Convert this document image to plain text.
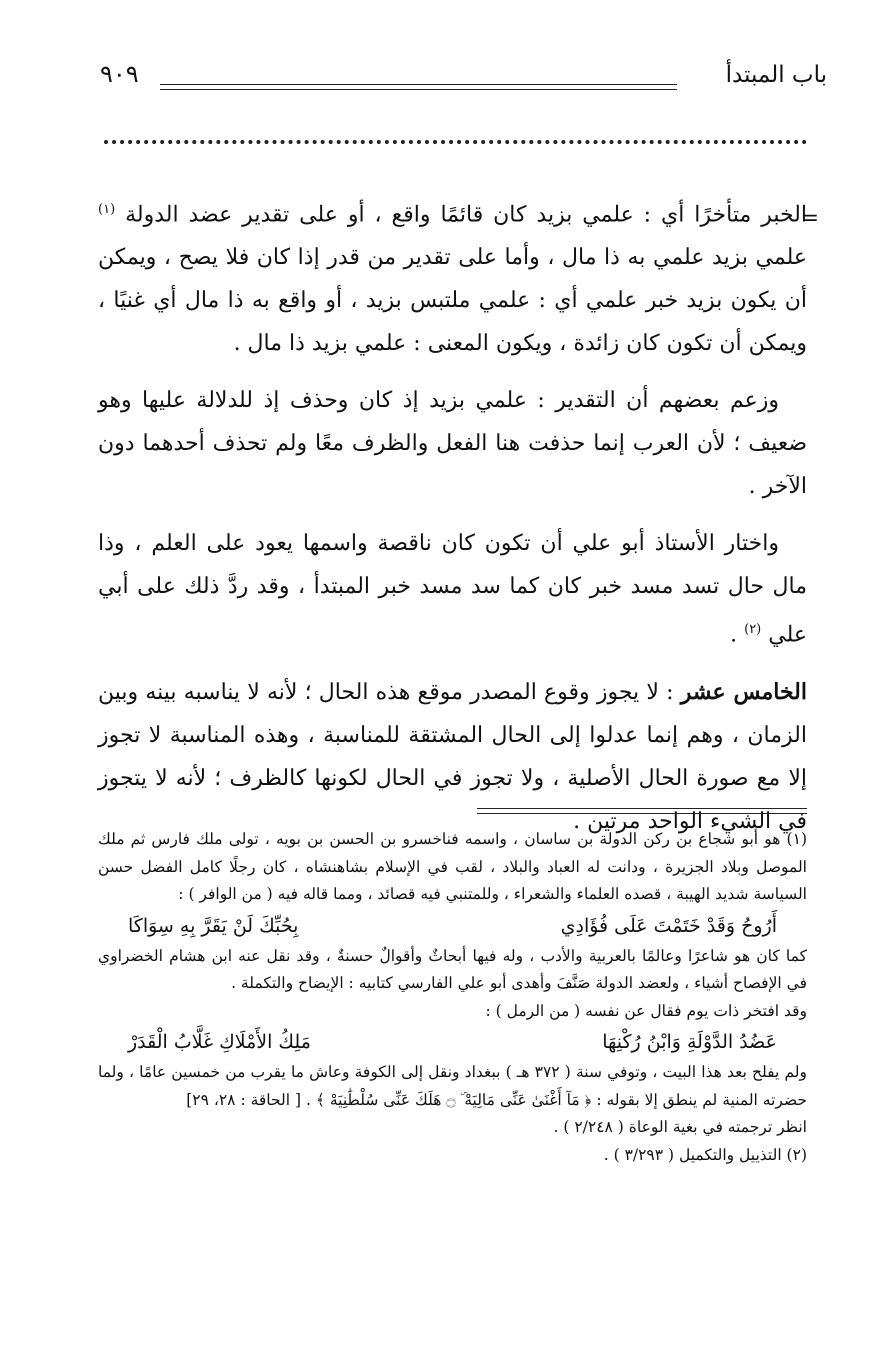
باب المبتدأ
٩٠٩
=

الخبر متأخرًا أي : علمي بزيد كان قائمًا واقع ، أو على تقدير عضد الدولة $^{(١)}$ علمي بزيد علمي به ذا مال ، وأما على تقدير من قدر إذا كان فلا يصح ، ويمكن أن يكون بزيد خبر علمي أي : علمي ملتبس بزيد ، أو واقع به ذا مال أي غنيًا ، ويمكن أن تكون كان زائدة ، ويكون المعنى : علمي بزيد ذا مال .

وزعم بعضهم أن التقدير : علمي بزيد إذ كان وحذف إذ للدلالة عليها وهو ضعيف ؛ لأن العرب إنما حذفت هنا الفعل والظرف معًا ولم تحذف أحدهما دون الآخر .

واختار الأستاذ أبو علي أن تكون كان ناقصة واسمها يعود على العلم ، وذا مال حال تسد مسد خبر كان كما سد مسد خبر المبتدأ ، وقد ردَّ ذلك على أبي علي $^{(٢)}$ .

الخامس عشر : لا يجوز وقوع المصدر موقع هذه الحال ؛ لأنه لا يناسبه بينه وبين الزمان ، وهم إنما عدلوا إلى الحال المشتقة للمناسبة ، وهذه المناسبة لا تجوز إلا مع صورة الحال الأصلية ، ولا تجوز في الحال لكونها كالظرف ؛ لأنه لا يتجوز في الشيء الواحد مرتين .

(١) هو أبو شجاع بن ركن الدولة بن ساسان ، واسمه فناخسرو بن الحسن بن بويه ، تولى ملك فارس ثم ملك الموصل وبلاد الجزيرة ، ودانت له العباد والبلاد ، لقب في الإسلام بشاهنشاه ، كان رجلًا كامل الفضل حسن السياسة شديد الهيبة ، قصده العلماء والشعراء ، وللمتنبي فيه قصائد ، ومما قاله فيه ( من الوافر ) :

أَرُوحُ وَقَدْ خَتَمْتَ عَلَى فُؤَادِي
بِحُبِّكَ لَنْ يَقَرَّ بِهِ سِوَاكَا

كما كان هو شاعرًا وعالمًا بالعربية والأدب ، وله فيها أبحاثٌ وأقوالٌ حسنةٌ ، وقد نقل عنه ابن هشام الخضراوي في الإفصاح أشياء ، ولعضد الدولة صَنَّفَ وأهدى أبو علي الفارسي كتابيه : الإيضاح والتكملة .

وقد افتخر ذات يوم فقال عن نفسه ( من الرمل ) :

عَضُدُ الدَّوْلَةِ وَابْنُ رُكْنِهَا
مَلِكُ الأَمْلَاكِ غَلَّابُ الْقَدَرْ

ولم يفلح بعد هذا البيت ، وتوفي سنة ( ٣٧٢ هـ ) ببغداد ونقل إلى الكوفة وعاش ما يقرب من خمسين عامًا ، ولما حضرته المنية لم ينطق إلا بقوله : ﴿ مَآ أَغْنَىٰ عَنِّى مَالِيَهْ ۜ ۝ هَلَكَ عَنِّى سُلْطَٰنِيَهْ ﴾ . [ الحاقة : ٢٨، ٢٩]

انظر ترجمته في بغية الوعاة ( ٢/٢٤٨ ) .

(٢) التذييل والتكميل ( ٣/٢٩٣ ) .
